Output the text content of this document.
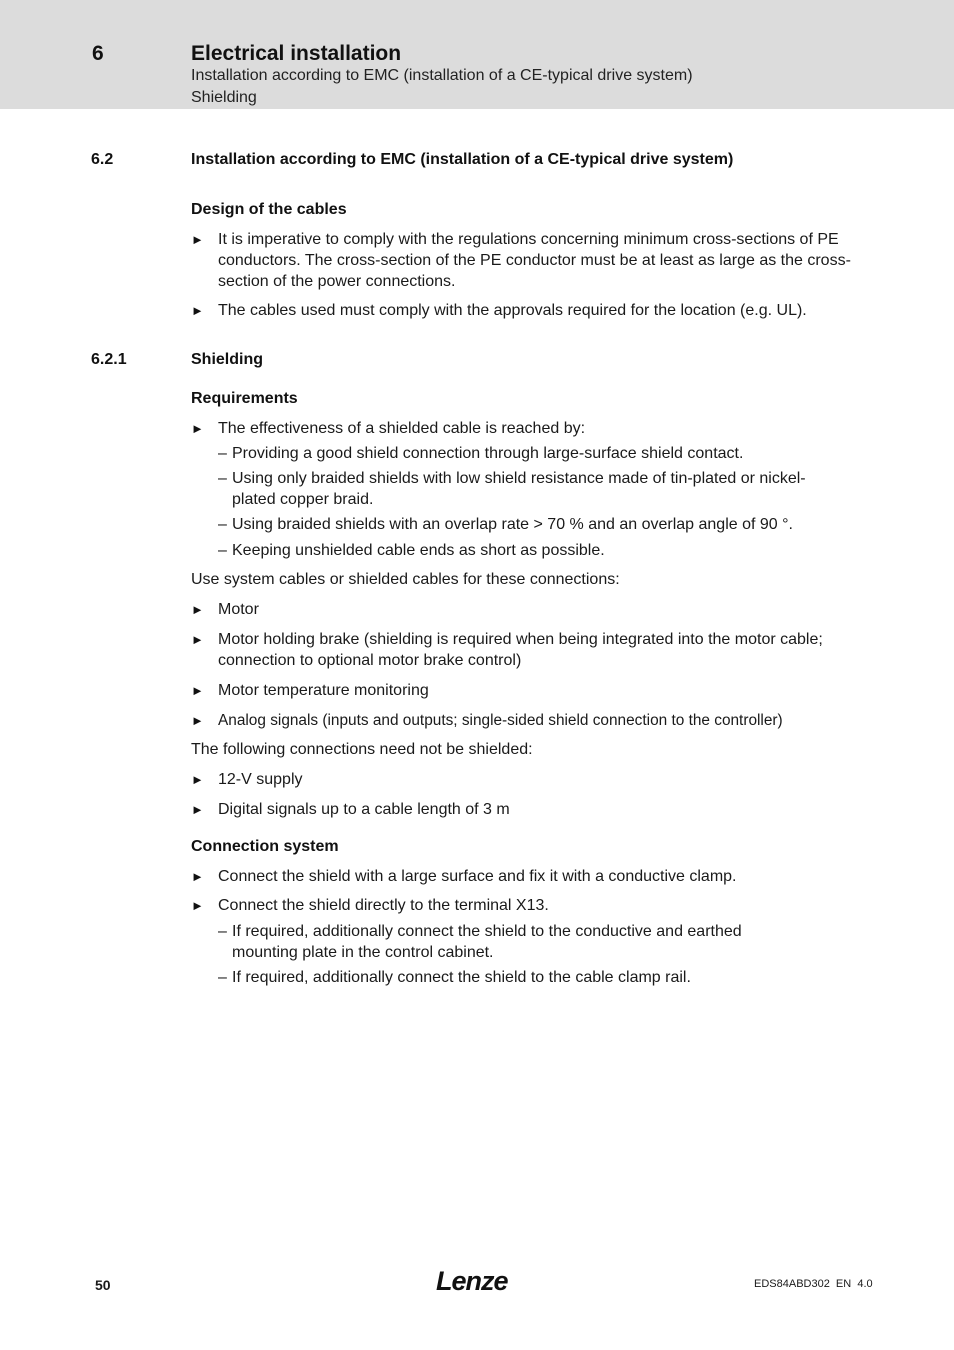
6	Electrical installation
Installation according to EMC (installation of a CE-typical drive system)
Shielding
6.2	Installation according to EMC (installation of a CE-typical drive system)
Design of the cables
► It is imperative to comply with the regulations concerning minimum cross-sections of PE conductors. The cross-section of the PE conductor must be at least as large as the cross-section of the power connections.
► The cables used must comply with the approvals required for the location (e.g. UL).
6.2.1	Shielding
Requirements
► The effectiveness of a shielded cable is reached by:
– Providing a good shield connection through large-surface shield contact.
– Using only braided shields with low shield resistance made of tin-plated or nickel-plated copper braid.
– Using braided shields with an overlap rate > 70 % and an overlap angle of 90 °.
– Keeping unshielded cable ends as short as possible.
Use system cables or shielded cables for these connections:
► Motor
► Motor holding brake (shielding is required when being integrated into the motor cable; connection to optional motor brake control)
► Motor temperature monitoring
► Analog signals (inputs and outputs; single-sided shield connection to the controller)
The following connections need not be shielded:
► 12-V supply
► Digital signals up to a cable length of 3 m
Connection system
► Connect the shield with a large surface and fix it with a conductive clamp.
► Connect the shield directly to the terminal X13.
– If required, additionally connect the shield to the conductive and earthed mounting plate in the control cabinet.
– If required, additionally connect the shield to the cable clamp rail.
50	Lenze	EDS84ABD302  EN  4.0
